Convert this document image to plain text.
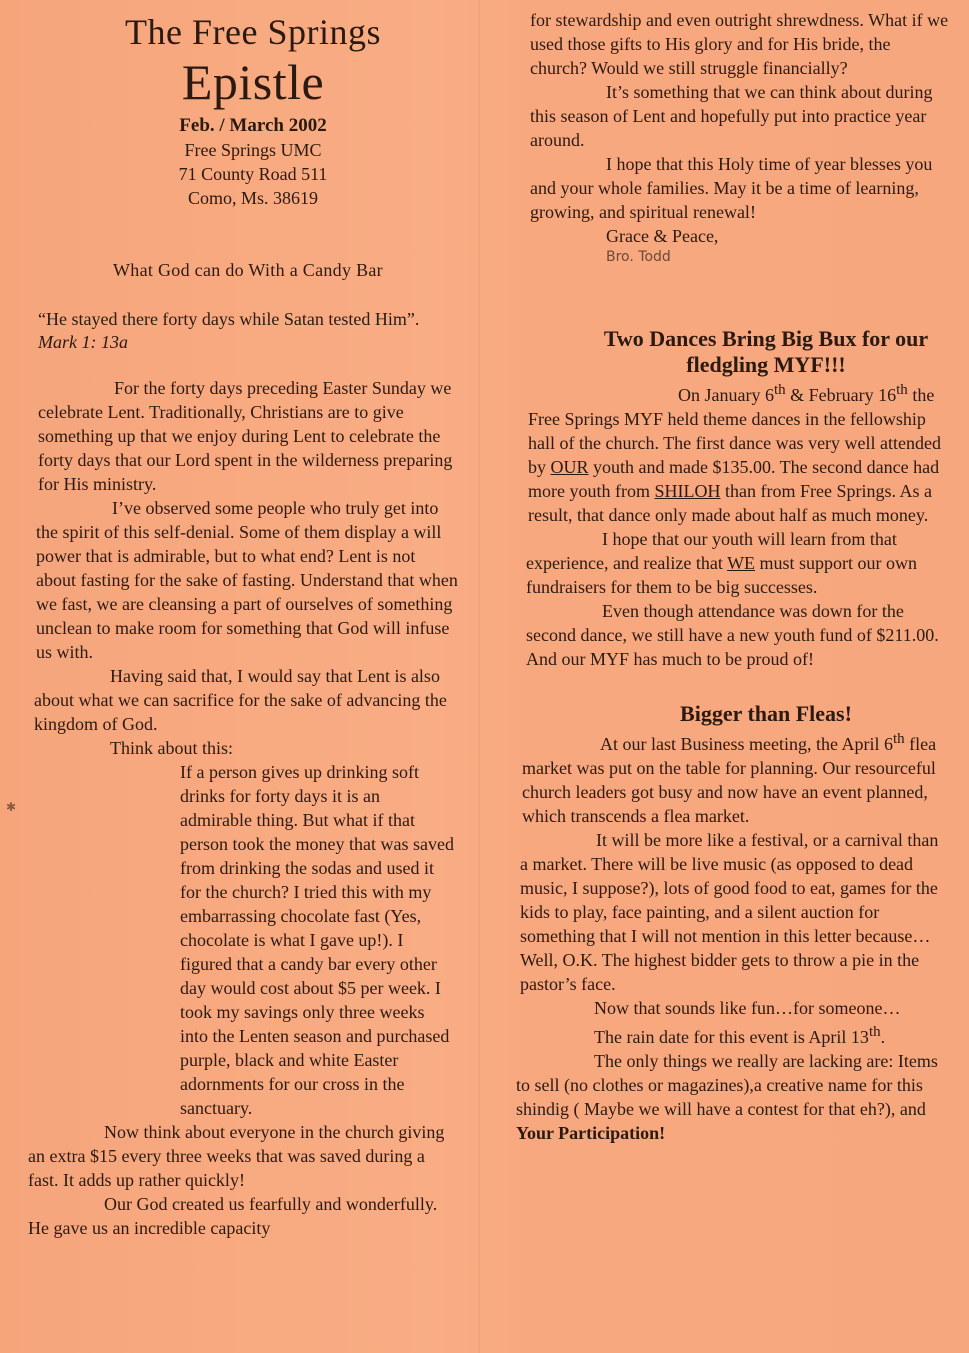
✱
The Free Springs
Epistle
Feb. / March 2002
Free Springs UMC
71 County Road 511
Como, Ms. 38619
What God can do With a Candy Bar
“He stayed there forty days while Satan tested Him”. Mark 1: 13a

For the forty days preceding Easter Sunday we celebrate Lent. Traditionally, Christians are to give something up that we enjoy during Lent to celebrate the forty days that our Lord spent in the wilderness preparing for His ministry.

I’ve observed some people who truly get into the spirit of this self-denial. Some of them display a will power that is admirable, but to what end? Lent is not about fasting for the sake of fasting. Understand that when we fast, we are cleansing a part of ourselves of something unclean to make room for something that God will infuse us with.

Having said that, I would say that Lent is also about what we can sacrifice for the sake of advancing the kingdom of God.

Think about this:

If a person gives up drinking soft drinks for forty days it is an admirable thing. But what if that person took the money that was saved from drinking the sodas and used it for the church? I tried this with my embarrassing chocolate fast (Yes, chocolate is what I gave up!). I figured that a candy bar every other day would cost about $5 per week. I took my savings only three weeks into the Lenten season and purchased purple, black and white Easter adornments for our cross in the sanctuary.

Now think about everyone in the church giving an extra $15 every three weeks that was saved during a fast. It adds up rather quickly!

Our God created us fearfully and wonderfully. He gave us an incredible capacity

for stewardship and even outright shrewdness. What if we used those gifts to His glory and for His bride, the church? Would we still struggle financially?

It’s something that we can think about during this season of Lent and hopefully put into practice year around.

I hope that this Holy time of year blesses you and your whole families. May it be a time of learning, growing, and spiritual renewal!

Grace & Peace,

Bro. Todd
Two Dances Bring Big Bux for our fledgling MYF!!!

On January 6th & February 16th the Free Springs MYF held theme dances in the fellowship hall of the church. The first dance was very well attended by OUR youth and made $135.00. The second dance had more youth from SHILOH than from Free Springs. As a result, that dance only made about half as much money.

I hope that our youth will learn from that experience, and realize that WE must support our own fundraisers for them to be big successes.

Even though attendance was down for the second dance, we still have a new youth fund of $211.00. And our MYF has much to be proud of!

Bigger than Fleas!

At our last Business meeting, the April 6th flea market was put on the table for planning. Our resourceful church leaders got busy and now have an event planned, which transcends a flea market.

It will be more like a festival, or a carnival than a market. There will be live music (as opposed to dead music, I suppose?), lots of good food to eat, games for the kids to play, face painting, and a silent auction for something that I will not mention in this letter because…Well, O.K. The highest bidder gets to throw a pie in the pastor’s face.

Now that sounds like fun…for someone…

The rain date for this event is April 13th.

The only things we really are lacking are: Items to sell (no clothes or magazines),a creative name for this shindig ( Maybe we will have a contest for that eh?), and Your Participation!
